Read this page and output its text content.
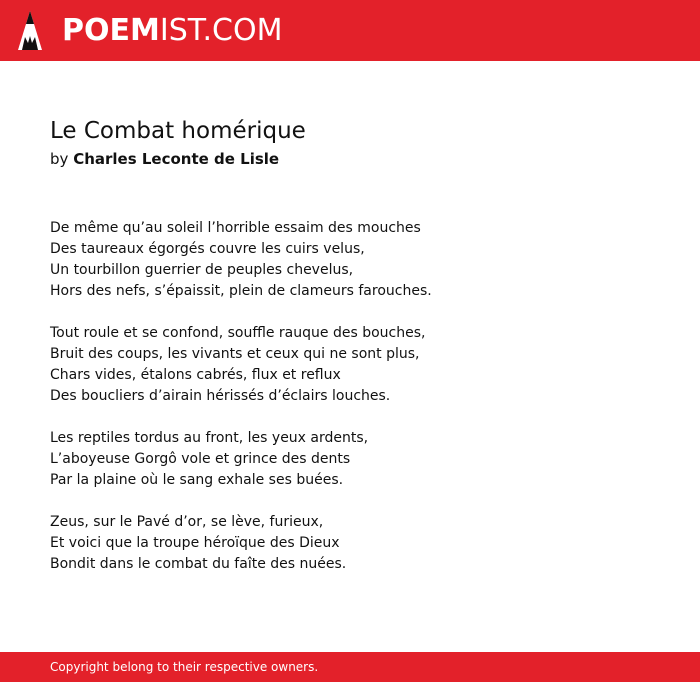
POEMIST.COM
Le Combat homérique
by Charles Leconte de Lisle
De même qu’au soleil l’horrible essaim des mouches
Des taureaux égorgés couvre les cuirs velus,
Un tourbillon guerrier de peuples chevelus,
Hors des nefs, s’épaissit, plein de clameurs farouches.
Tout roule et se confond, souffle rauque des bouches,
Bruit des coups, les vivants et ceux qui ne sont plus,
Chars vides, étalons cabrés, flux et reflux
Des boucliers d’airain hérissés d’éclairs louches.
Les reptiles tordus au front, les yeux ardents,
L’aboyeuse Gorgô vole et grince des dents
Par la plaine où le sang exhale ses buées.
Zeus, sur le Pavé d’or, se lève, furieux,
Et voici que la troupe héroïque des Dieux
Bondit dans le combat du faîte des nuées.
Copyright belong to their respective owners.
